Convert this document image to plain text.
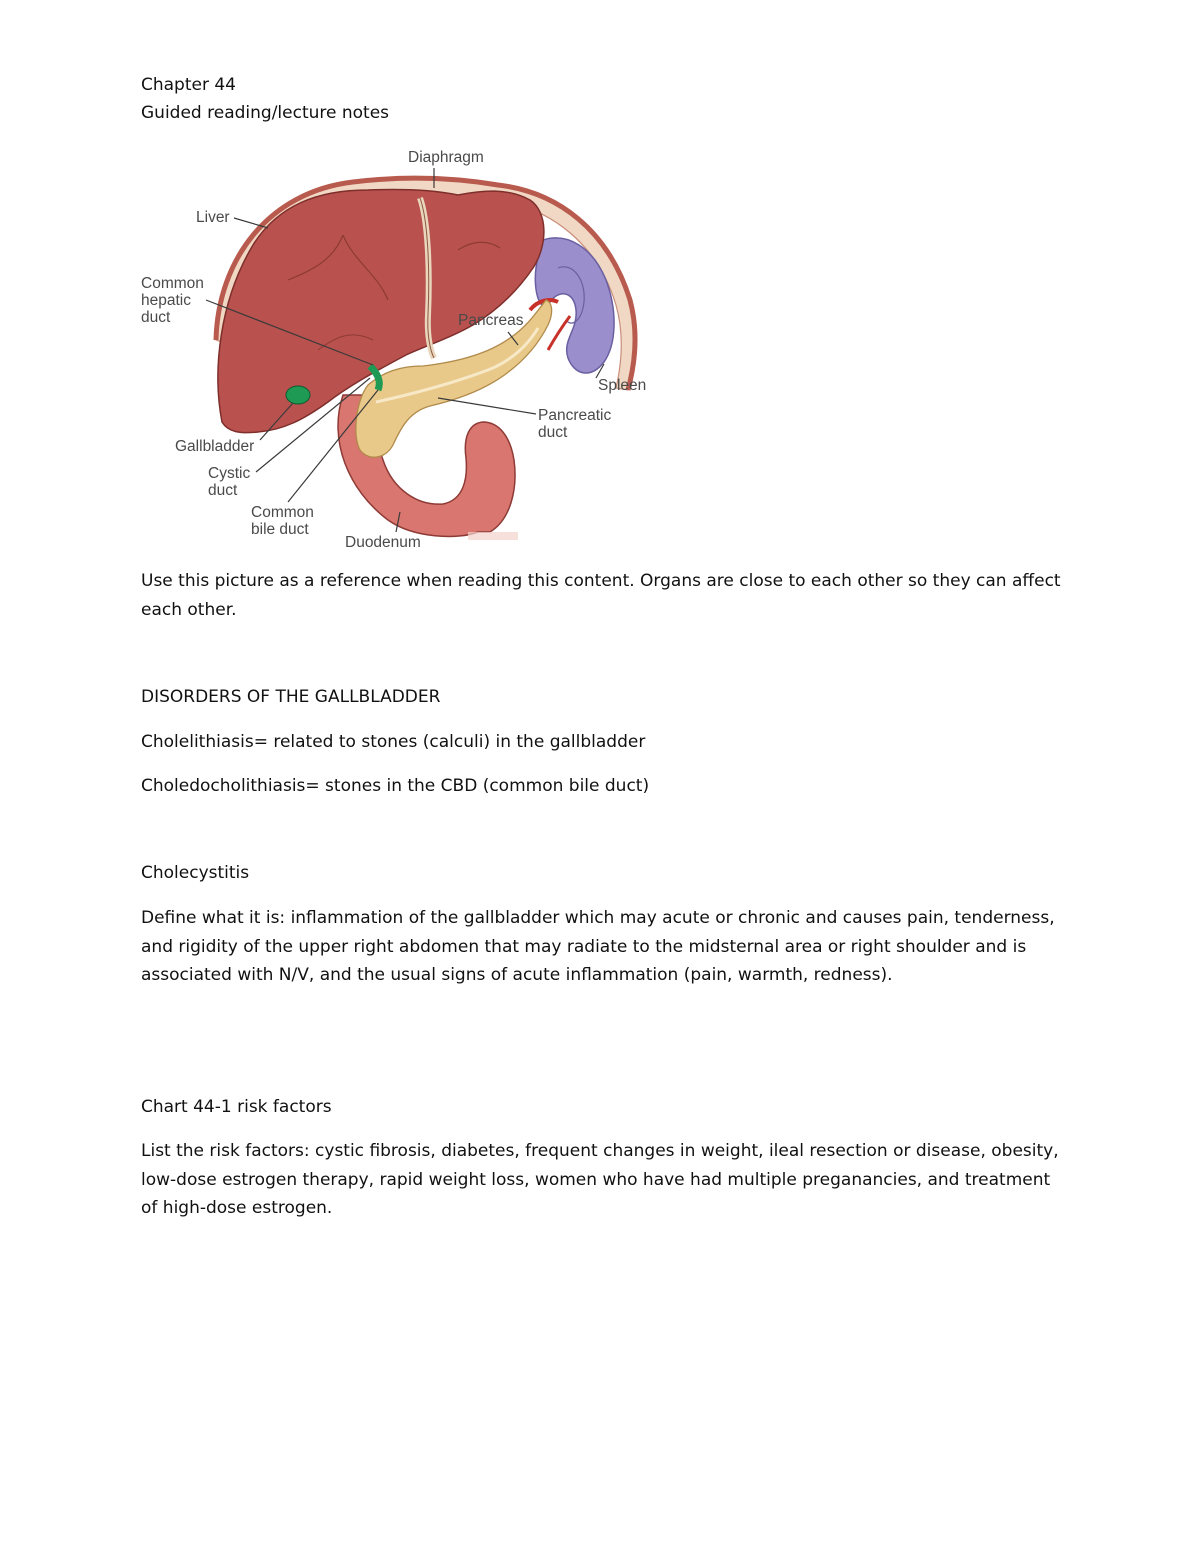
Chapter 44

Guided reading/lecture notes

Diaphragm
Liver
Common
hepatic
duct	Pancreas
Spleen
Pancreatic
duct
Gallbladder
Cystic
duct
Common
bile duct
Duodenum

Use this picture as a reference when reading this content. Organs are close to each other so they can affect each other.

DISORDERS OF THE GALLBLADDER

Cholelithiasis= related to stones (calculi) in the gallbladder

Choledocholithiasis= stones in the CBD (common bile duct)

Cholecystitis

Define what it is: inflammation of the gallbladder which may acute or chronic and causes pain, tenderness, and rigidity of the upper right abdomen that may radiate to the midsternal area or right shoulder and is associated with N/V, and the usual signs of acute inflammation (pain, warmth, redness).

Chart 44-1 risk factors

List the risk factors: cystic fibrosis, diabetes, frequent changes in weight, ileal resection or disease, obesity, low-dose estrogen therapy, rapid weight loss, women who have had multiple preganancies, and treatment of high-dose estrogen.
